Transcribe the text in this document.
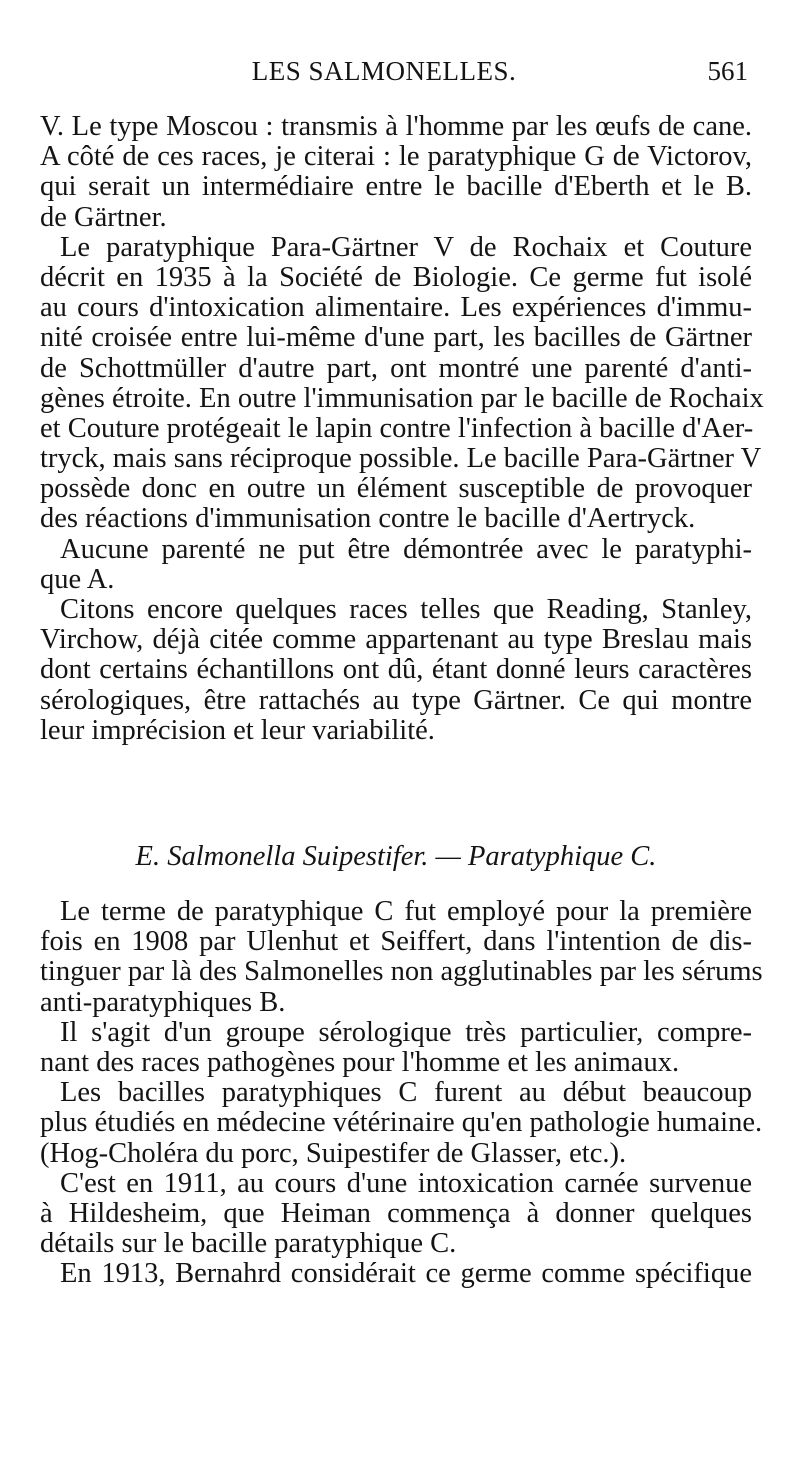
LES SALMONELLES.	561
V. Le type Moscou : transmis à l'homme par les œufs de cane.
A côté de ces races, je citerai : le paratyphique G de Victorov,
qui serait un intermédiaire entre le bacille d'Eberth et le B.
de Gärtner.
Le paratyphique Para-Gärtner V de Rochaix et Couture
décrit en 1935 à la Société de Biologie. Ce germe fut isolé
au cours d'intoxication alimentaire. Les expériences d'immu-
nité croisée entre lui-même d'une part, les bacilles de Gärtner
de Schottmüller d'autre part, ont montré une parenté d'anti-
gènes étroite. En outre l'immunisation par le bacille de Rochaix
et Couture protégeait le lapin contre l'infection à bacille d'Aer-
tryck, mais sans réciproque possible. Le bacille Para-Gärtner V
possède donc en outre un élément susceptible de provoquer
des réactions d'immunisation contre le bacille d'Aertryck.
Aucune parenté ne put être démontrée avec le paratyphi-
que A.
Citons encore quelques races telles que Reading, Stanley,
Virchow, déjà citée comme appartenant au type Breslau mais
dont certains échantillons ont dû, étant donné leurs caractères
sérologiques, être rattachés au type Gärtner. Ce qui montre
leur imprécision et leur variabilité.
E. Salmonella Suipestifer. — Paratyphique C.
Le terme de paratyphique C fut employé pour la première
fois en 1908 par Ulenhut et Seiffert, dans l'intention de dis-
tinguer par là des Salmonelles non agglutinables par les sérums
anti-paratyphiques B.
Il s'agit d'un groupe sérologique très particulier, compre-
nant des races pathogènes pour l'homme et les animaux.
Les bacilles paratyphiques C furent au début beaucoup
plus étudiés en médecine vétérinaire qu'en pathologie humaine.
(Hog-Choléra du porc, Suipestifer de Glasser, etc.).
C'est en 1911, au cours d'une intoxication carnée survenue
à Hildesheim, que Heiman commença à donner quelques
détails sur le bacille paratyphique C.
En 1913, Bernahrd considérait ce germe comme spécifique
